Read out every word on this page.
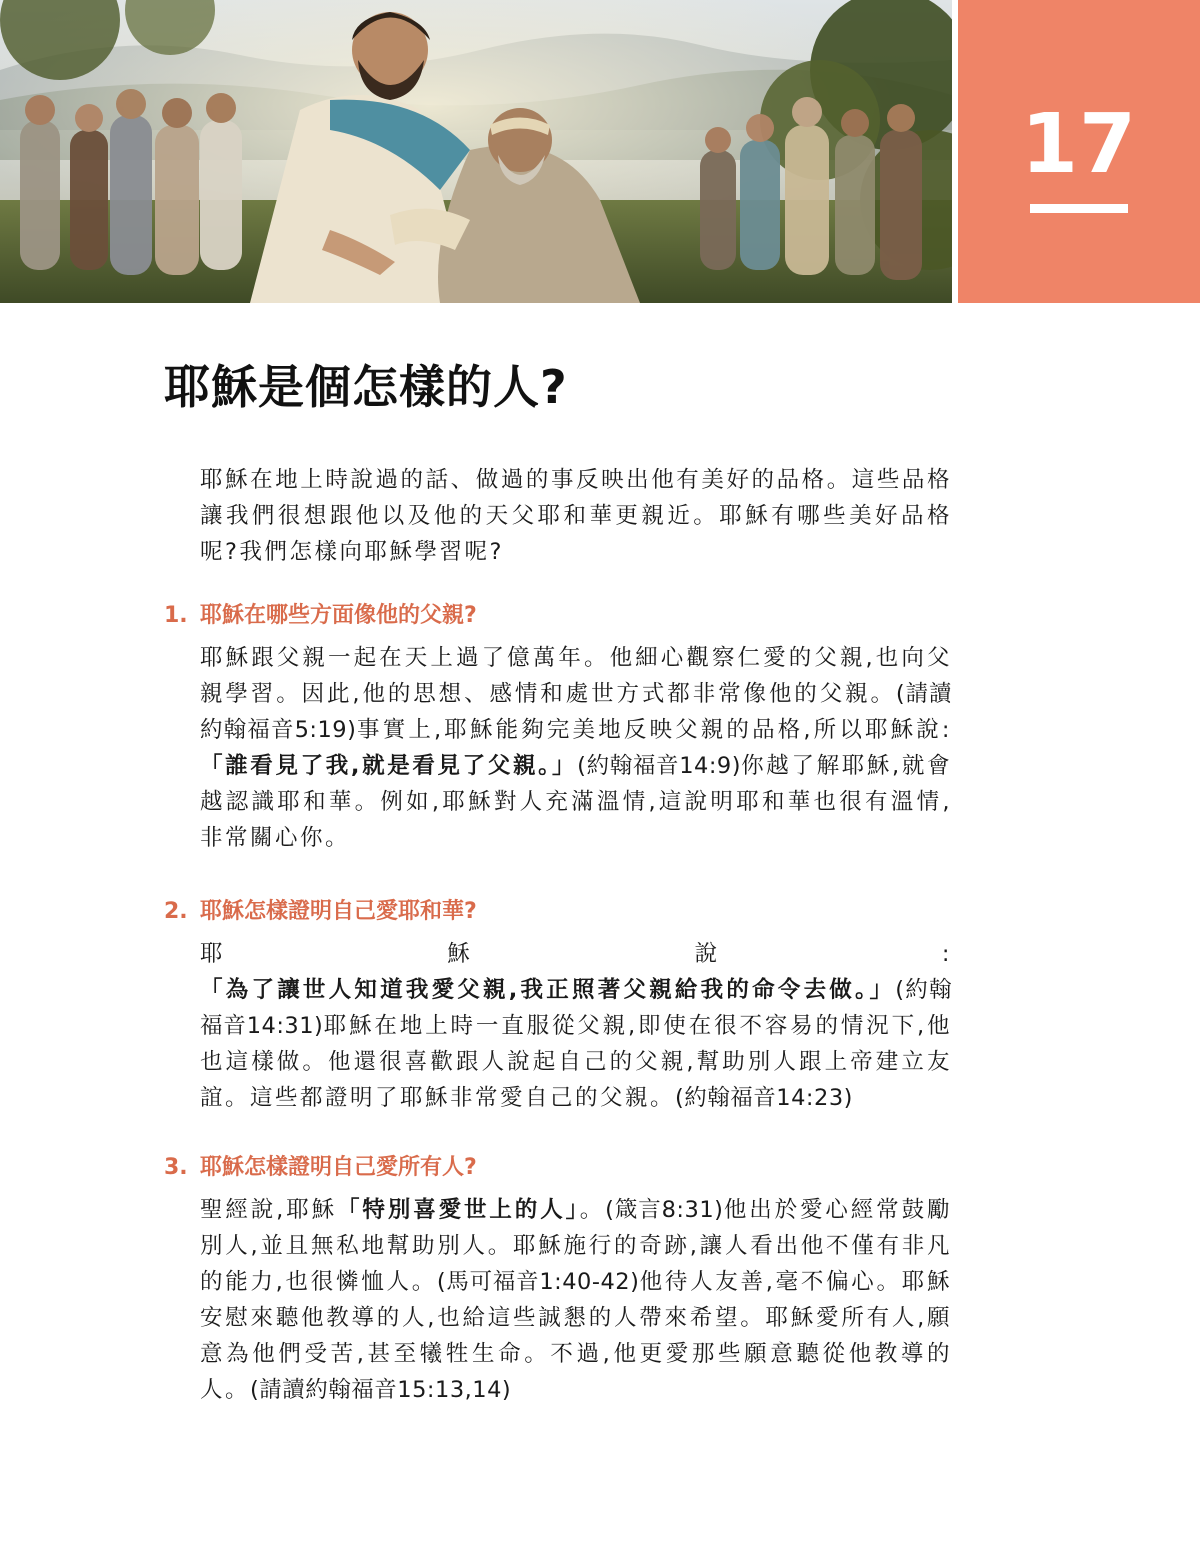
17
耶穌是個怎樣的人?

耶穌在地上時說過的話、做過的事反映出他有美好的品格。這些品格讓我們很想跟他以及他的天父耶和華更親近。耶穌有哪些美好品格呢?我們怎樣向耶穌學習呢?

1. 耶穌在哪些方面像他的父親?

耶穌跟父親一起在天上過了億萬年。他細心觀察仁愛的父親,也向父親學習。因此,他的思想、感情和處世方式都非常像他的父親。(請讀約翰福音5:19)事實上,耶穌能夠完美地反映父親的品格,所以耶穌說:「誰看見了我,就是看見了父親。」(約翰福音14:9)你越了解耶穌,就會越認識耶和華。例如,耶穌對人充滿溫情,這說明耶和華也很有溫情,非常關心你。

2. 耶穌怎樣證明自己愛耶和華?

耶穌說:「為了讓世人知道我愛父親,我正照著父親給我的命令去做。」(約翰福音14:31)耶穌在地上時一直服從父親,即使在很不容易的情況下,他也這樣做。他還很喜歡跟人說起自己的父親,幫助別人跟上帝建立友誼。這些都證明了耶穌非常愛自己的父親。(約翰福音14:23)

3. 耶穌怎樣證明自己愛所有人?

聖經說,耶穌「特別喜愛世上的人」。(箴言8:31)他出於愛心經常鼓勵別人,並且無私地幫助別人。耶穌施行的奇跡,讓人看出他不僅有非凡的能力,也很憐恤人。(馬可福音1:40-42)他待人友善,毫不偏心。耶穌安慰來聽他教導的人,也給這些誠懇的人帶來希望。耶穌愛所有人,願意為他們受苦,甚至犧牲生命。不過,他更愛那些願意聽從他教導的人。(請讀約翰福音15:13,14)
